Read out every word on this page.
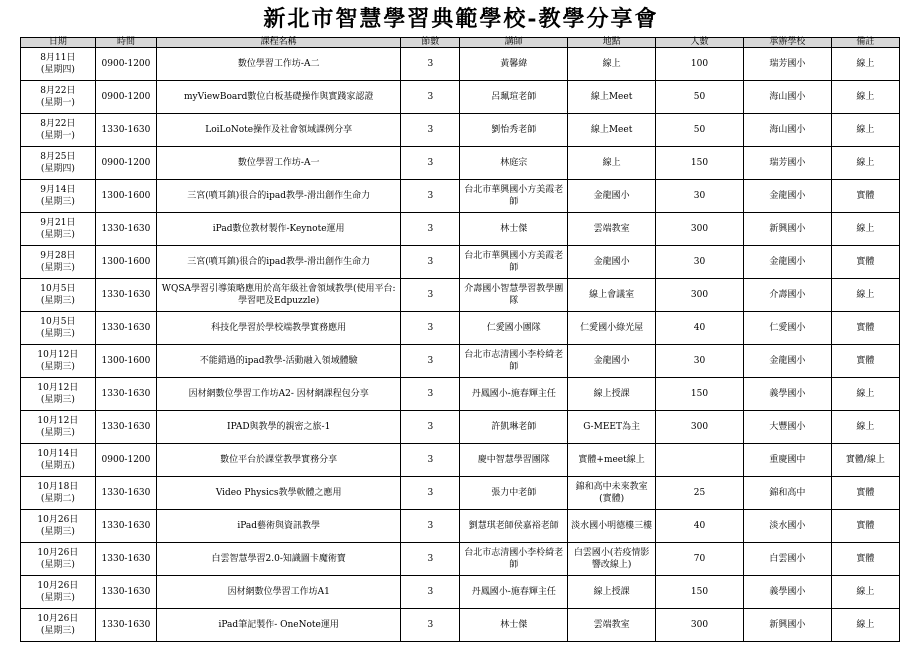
新北市智慧學習典範學校-教學分享會
日期	時間	課程名稱	節數	講師	地點	人數	承辦學校	備註

8月11日
(星期四)	0900-1200	數位學習工作坊-A二	3	黃馨緯	線上	100	瑞芳國小	線上

8月22日
(星期一)	0900-1200	myViewBoard數位白板基礎操作與實踐家認證	3	呂珮瑄老師	線上Meet	50	海山國小	線上

8月22日
(星期一)	1330-1630	LoiLoNote操作及社會領域課例分享	3	劉怡秀老師	線上Meet	50	海山國小	線上

8月25日
(星期四)	0900-1200	數位學習工作坊-A一	3	林庭宗	線上	150	瑞芳國小	線上

9月14日
(星期三)	1300-1600	三宮(噴耳鎮)很合的ipad教學-滑出創作生命力	3	台北市華興國小方美霞老師	金龍國小	30	金龍國小	實體

9月21日
(星期三)	1330-1630	iPad數位教材製作-Keynote運用	3	林士傑	雲端教室	300	新興國小	線上

9月28日
(星期三)	1300-1600	三宮(噴耳鎮)很合的ipad教學-滑出創作生命力	3	台北市華興國小方美霞老師	金龍國小	30	金龍國小	實體

10月5日
(星期三)	1330-1630	WQSA學習引導策略應用於高年級社會領域教學(使用平台:學習吧及Edpuzzle)	3	介壽國小智慧學習教學團隊	線上會議室	300	介壽國小	線上

10月5日
(星期三)	1330-1630	科技化學習於學校端教學實務應用	3	仁愛國小團隊	仁愛國小綠光屋	40	仁愛國小	實體

10月12日
(星期三)	1300-1600	不能錯過的ipad教學-活動融入領域體驗	3	台北市志清國小李柃綺老師	金龍國小	30	金龍國小	實體

10月12日
(星期三)	1330-1630	因材網數位學習工作坊A2- 因材網課程包分享	3	丹鳳國小-施春輝主任	線上授課	150	義學國小	線上

10月12日
(星期三)	1330-1630	IPAD與教學的親密之旅-1	3	許凱琳老師	G-MEET為主	300	大豐國小	線上

10月14日
(星期五)	0900-1200	數位平台於課堂教學實務分享	3	慶中智慧學習團隊	實體+meet線上		重慶國中	實體/線上

10月18日
(星期二)	1330-1630	Video Physics教學軟體之應用	3	張力中老師	錦和高中未來教室(實體)	25	錦和高中	實體

10月26日
(星期三)	1330-1630	iPad藝術與資訊教學	3	劉慧琪老師侯嘉裕老師	淡水國小明德樓三樓	40	淡水國小	實體

10月26日
(星期三)	1330-1630	白雲智慧學習2.0-知識圖卡魔術寶	3	台北市志清國小李柃綺老師	白雲國小(若疫情影響改線上)	70	白雲國小	實體

10月26日
(星期三)	1330-1630	因材網數位學習工作坊A1	3	丹鳳國小-施春輝主任	線上授課	150	義學國小	線上

10月26日
(星期三)	1330-1630	iPad筆記製作- OneNote運用	3	林士傑	雲端教室	300	新興國小	線上
